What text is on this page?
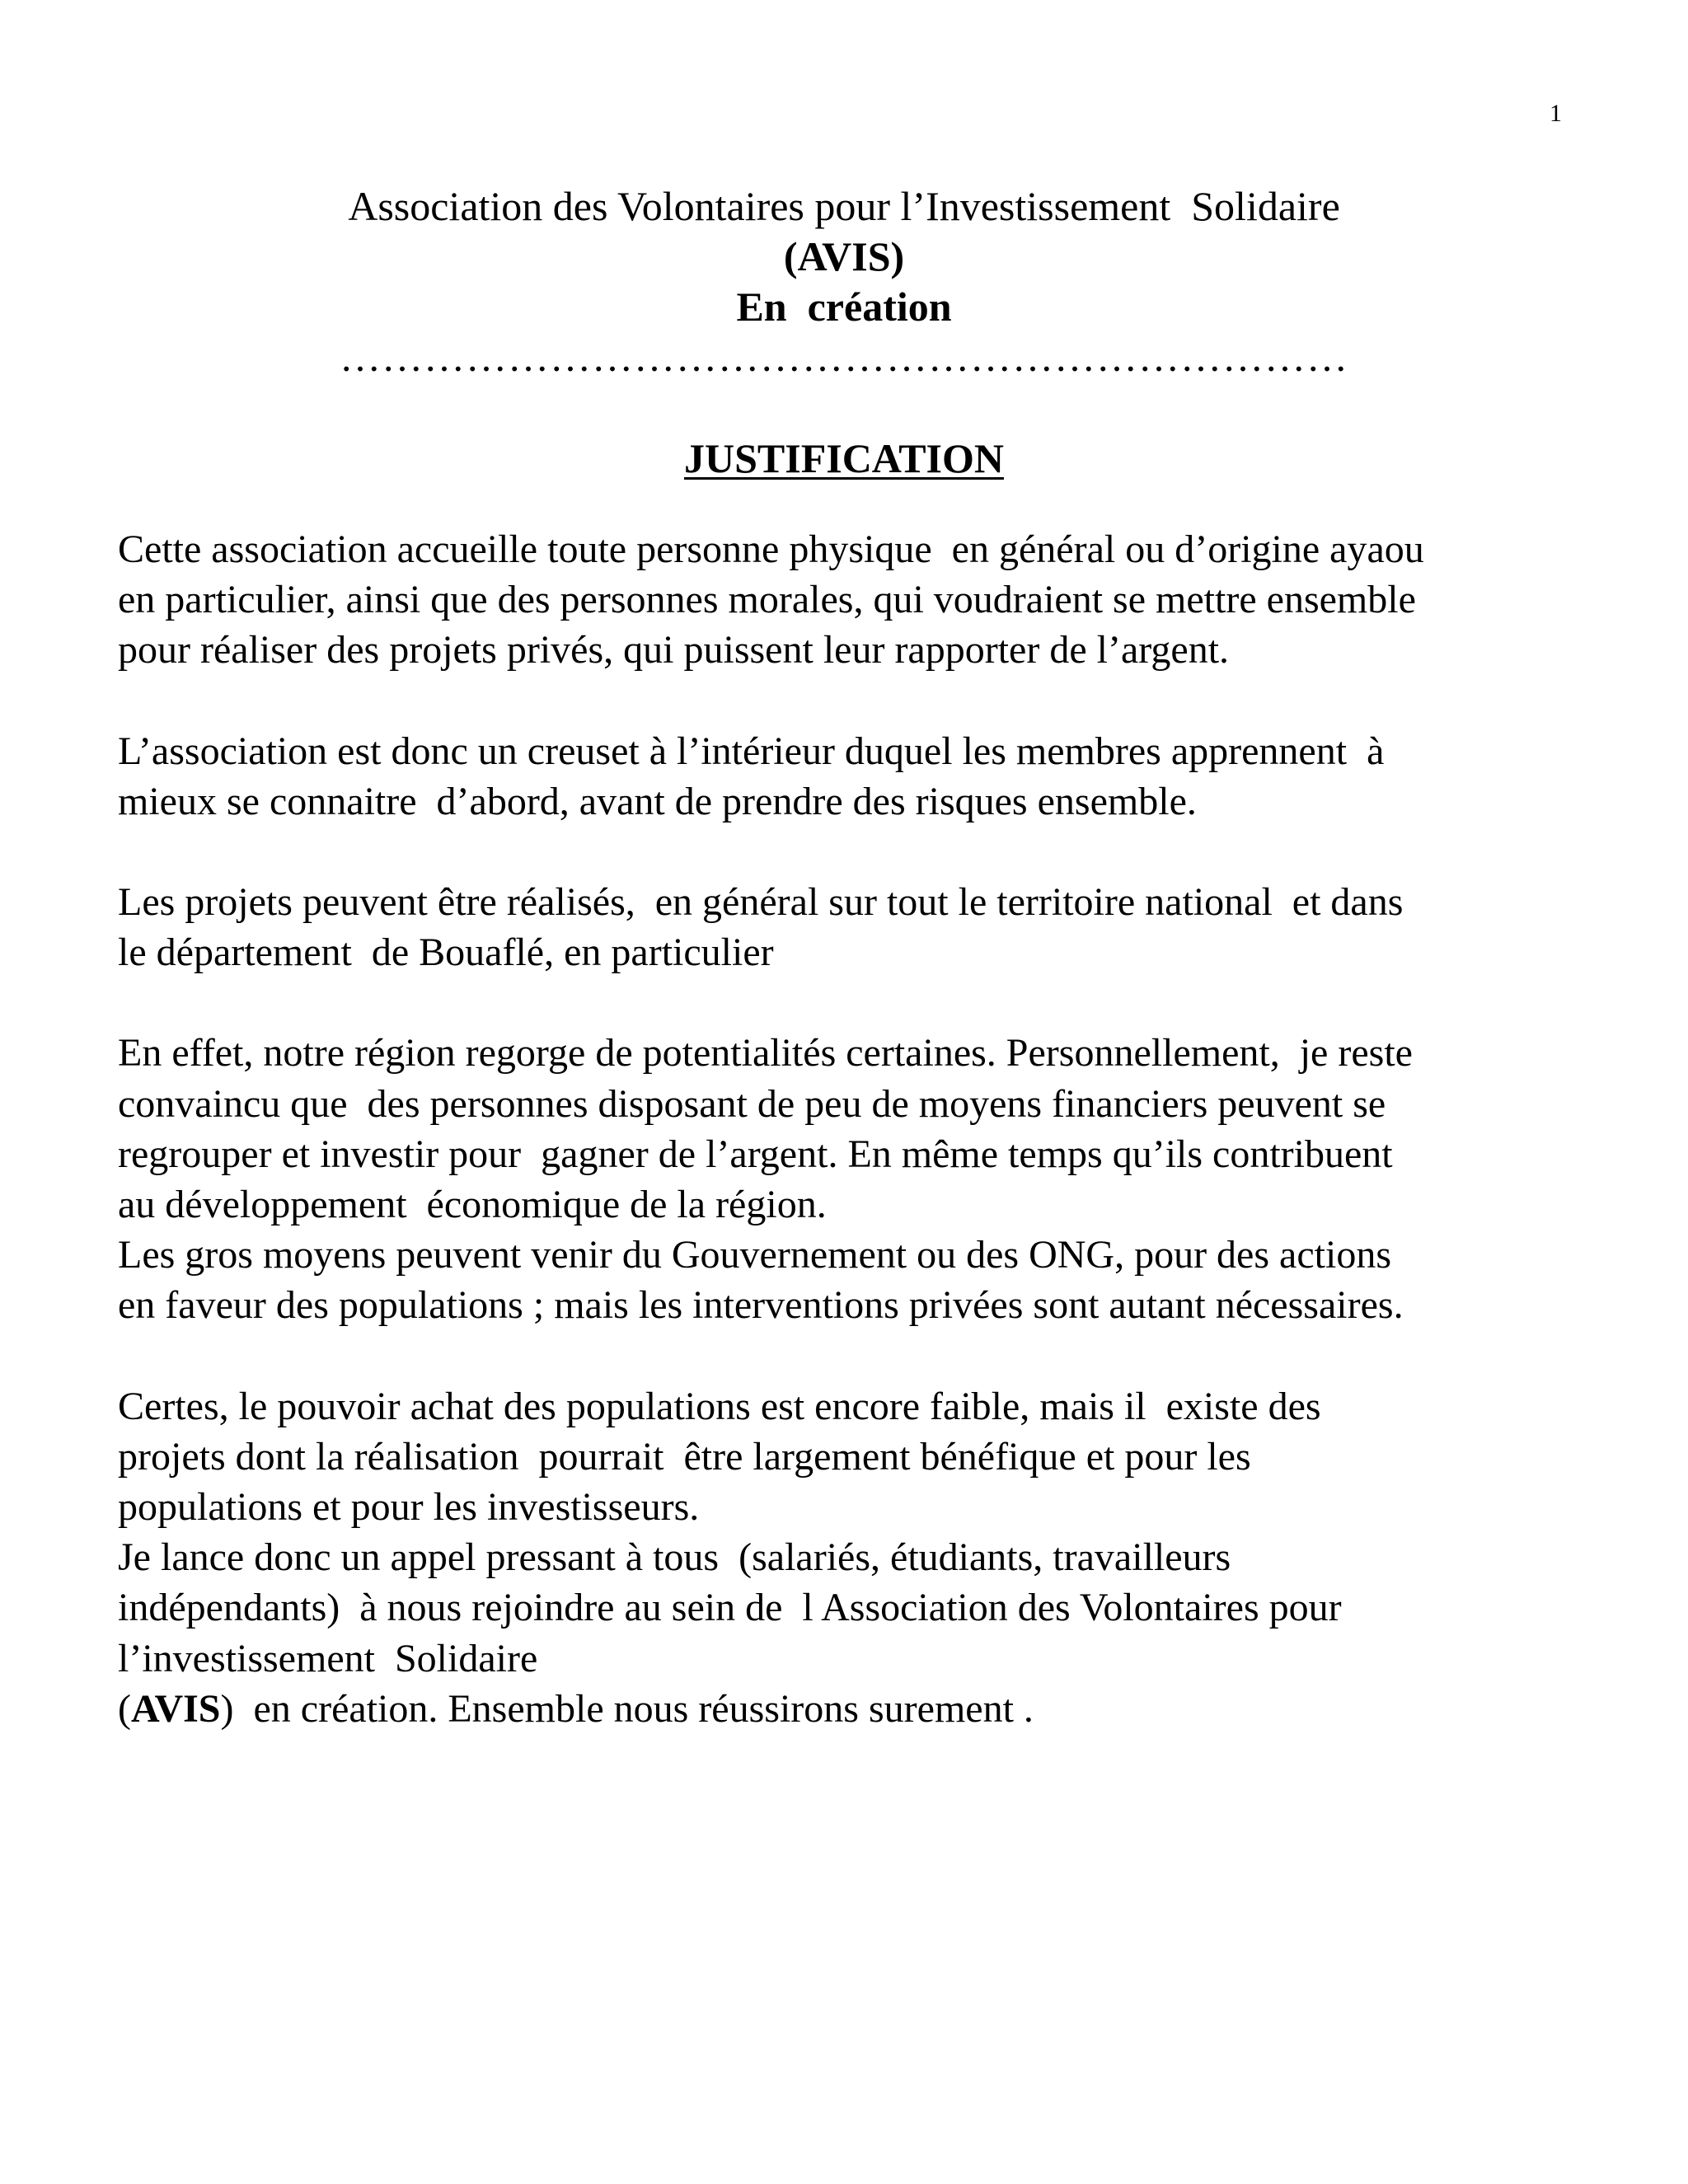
1
Association des Volontaires pour l’Investissement  Solidaire
(AVIS)
En  création
………………………………………………………………
JUSTIFICATION
Cette association accueille toute personne physique  en général ou d’origine ayaou
en particulier, ainsi que des personnes morales, qui voudraient se mettre ensemble
pour réaliser des projets privés, qui puissent leur rapporter de l’argent.
L’association est donc un creuset à l’intérieur duquel les membres apprennent  à
mieux se connaitre  d’abord, avant de prendre des risques ensemble.
Les projets peuvent être réalisés,  en général sur tout le territoire national  et dans
le département  de Bouaflé, en particulier
En effet, notre région regorge de potentialités certaines. Personnellement,  je reste
convaincu que  des personnes disposant de peu de moyens financiers peuvent se
regrouper et investir pour  gagner de l’argent. En même temps qu’ils contribuent
au développement  économique de la région.
Les gros moyens peuvent venir du Gouvernement ou des ONG, pour des actions
en faveur des populations ; mais les interventions privées sont autant nécessaires.
Certes, le pouvoir achat des populations est encore faible, mais il  existe des
projets dont la réalisation  pourrait  être largement bénéfique et pour les
populations et pour les investisseurs.
Je lance donc un appel pressant à tous  (salariés, étudiants, travailleurs
indépendants)  à nous rejoindre au sein de  l Association des Volontaires pour
l’investissement  Solidaire
(AVIS)  en création. Ensemble nous réussirons surement .
